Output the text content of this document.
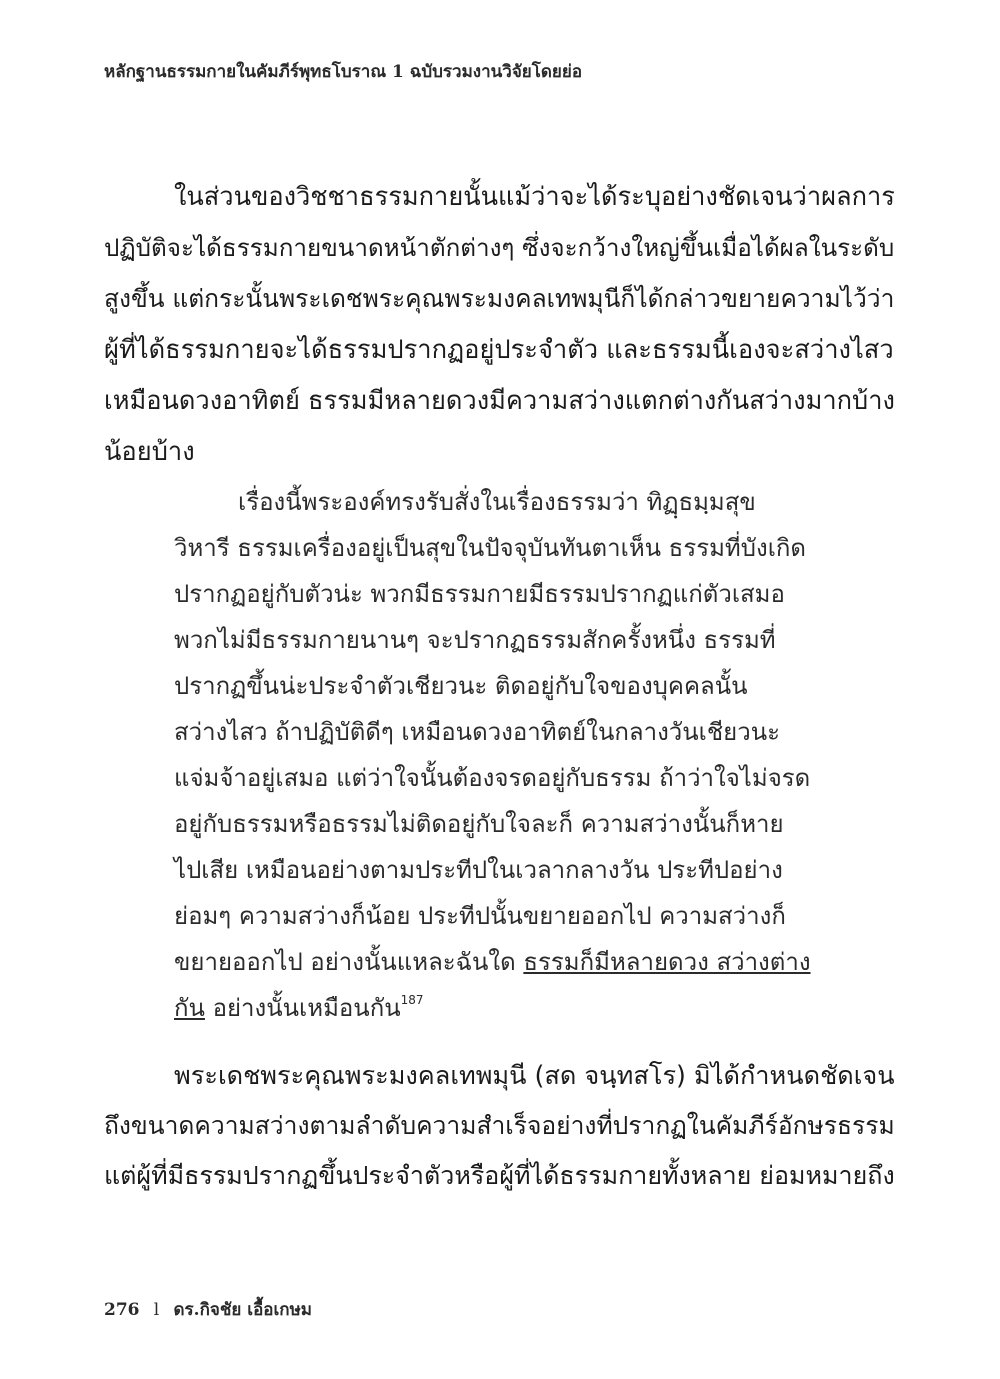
หลักฐานธรรมกายในคัมภีร์พุทธโบราณ 1 ฉบับรวมงานวิจัยโดยย่อ
ในส่วนของวิชชาธรรมกายนั้นแม้ว่าจะได้ระบุอย่างชัดเจนว่าผลการ
ปฏิบัติจะได้ธรรมกายขนาดหน้าตักต่างๆ ซึ่งจะกว้างใหญ่ขึ้นเมื่อได้ผลในระดับ
สูงขึ้น แต่กระนั้นพระเดชพระคุณพระมงคลเทพมุนีก็ได้กล่าวขยายความไว้ว่า
ผู้ที่ได้ธรรมกายจะได้ธรรมปรากฏอยู่ประจำตัว และธรรมนี้เองจะสว่างไสว
เหมือนดวงอาทิตย์ ธรรมมีหลายดวงมีความสว่างแตกต่างกันสว่างมากบ้าง
น้อยบ้าง
เรื่องนี้พระองค์ทรงรับสั่งในเรื่องธรรมว่า ทิฏฺธมฺมสุข
วิหารี ธรรมเครื่องอยู่เป็นสุขในปัจจุบันทันตาเห็น ธรรมที่บังเกิด
ปรากฏอยู่กับตัวน่ะ พวกมีธรรมกายมีธรรมปรากฏแก่ตัวเสมอ
พวกไม่มีธรรมกายนานๆ จะปรากฏธรรมสักครั้งหนึ่ง ธรรมที่
ปรากฏขึ้นน่ะประจำตัวเชียวนะ ติดอยู่กับใจของบุคคลนั้น
สว่างไสว ถ้าปฏิบัติดีๆ เหมือนดวงอาทิตย์ในกลางวันเชียวนะ
แจ่มจ้าอยู่เสมอ แต่ว่าใจนั้นต้องจรดอยู่กับธรรม ถ้าว่าใจไม่จรด
อยู่กับธรรมหรือธรรมไม่ติดอยู่กับใจละก็ ความสว่างนั้นก็หาย
ไปเสีย เหมือนอย่างตามประทีปในเวลากลางวัน ประทีปอย่าง
ย่อมๆ ความสว่างก็น้อย ประทีปนั้นขยายออกไป ความสว่างก็
ขยายออกไป อย่างนั้นแหละฉันใด ธรรมก็มีหลายดวง สว่างต่าง
กัน อย่างนั้นเหมือนกัน$^{187}$
พระเดชพระคุณพระมงคลเทพมุนี (สด จนฺทสโร) มิได้กำหนดชัดเจน
ถึงขนาดความสว่างตามลำดับความสำเร็จอย่างที่ปรากฏในคัมภีร์อักษรธรรม
แต่ผู้ที่มีธรรมปรากฏขึ้นประจำตัวหรือผู้ที่ได้ธรรมกายทั้งหลาย ย่อมหมายถึง
276 l ดร.กิจชัย เอื้อเกษม
